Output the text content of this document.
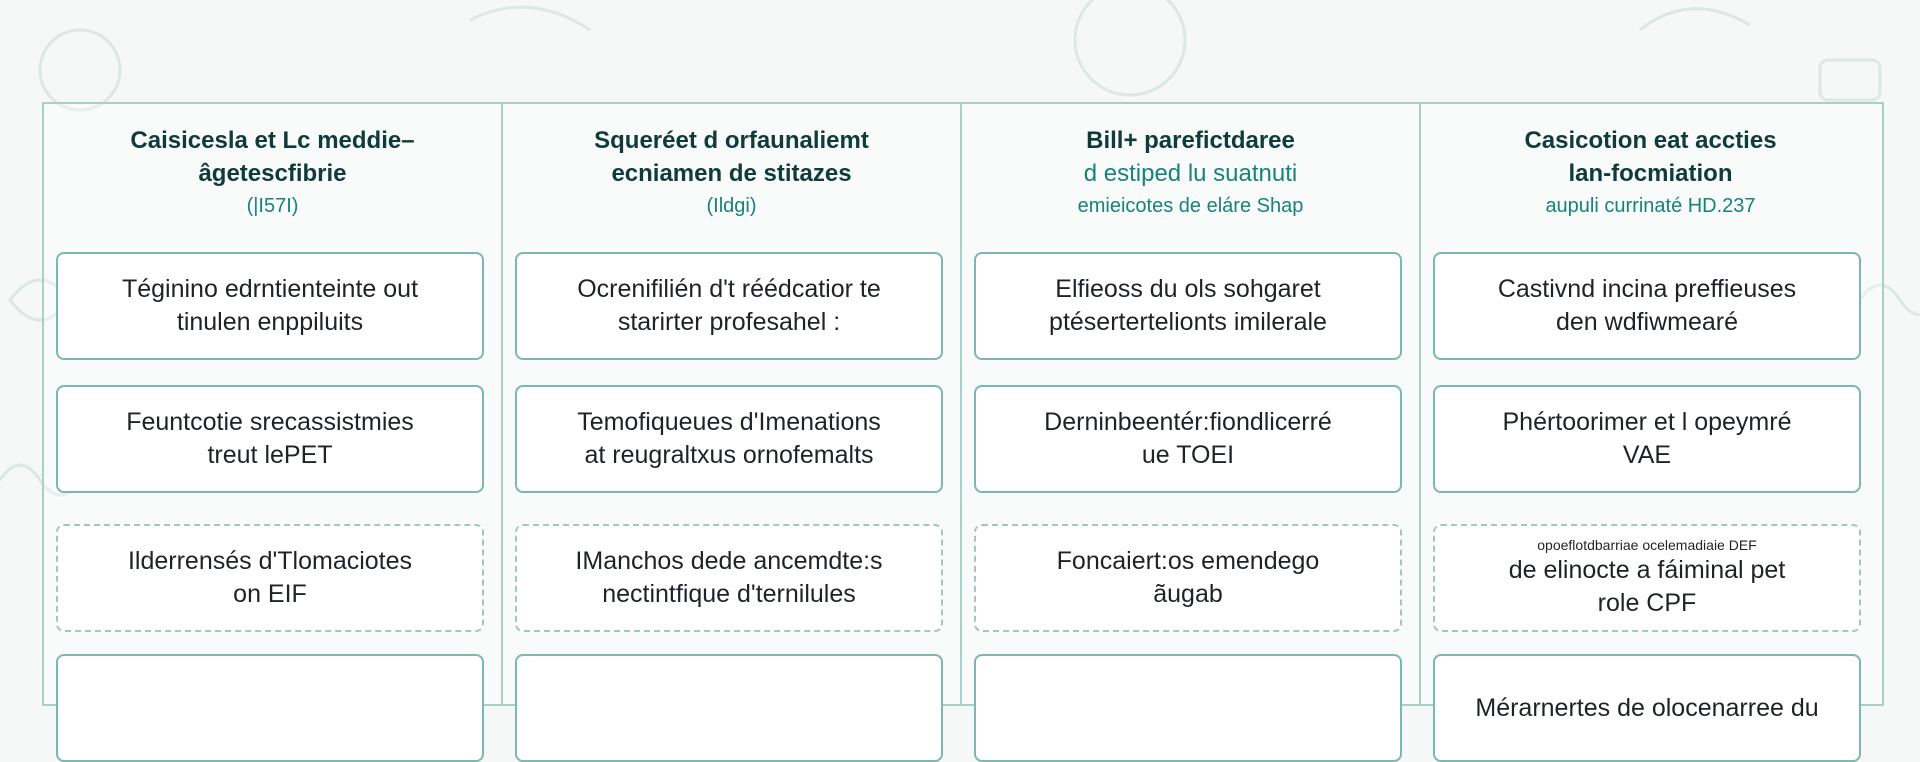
Caisicesla et Lc meddie–
âgetescfibrie
(|I57I)
Téginino edrntienteinte out
tinulen enppiluits
Feuntcotie srecassistmies
treut lePET
Ilderrensés d'Tlomaciotes
on EIF
Squeréet d orfaunaliemt
ecniamen de stitazes
(Ildgi)
Ocrenifilién d't réédcatior te
starirter profesahel :
Temofiqueues d'Imenations
at reugraltxus ornofemalts
IManchos dede ancemdte:s
nectintfique d'ternilules
Bill+ parefictdaree
d estiped lu suatnuti
emieicotes de eláre Shap
Elfieoss du ols sohgaret
ptésertertelionts imilerale
Derninbeentér:fiondlicerré
ue TOEI
Foncaiert:os emendego
ãugab
Casicotion eat accties
lan-focmiation
aupuli currinaté HD.237
Castivnd incina preffieuses
den wdfiwmearé
Phértoorimer et l opeymré
VAE
opoeflotdbarriae ocelemadiaie DEF
de elinocte a fáiminal pet
role CPF
Mérarnertes de olocenarree du
